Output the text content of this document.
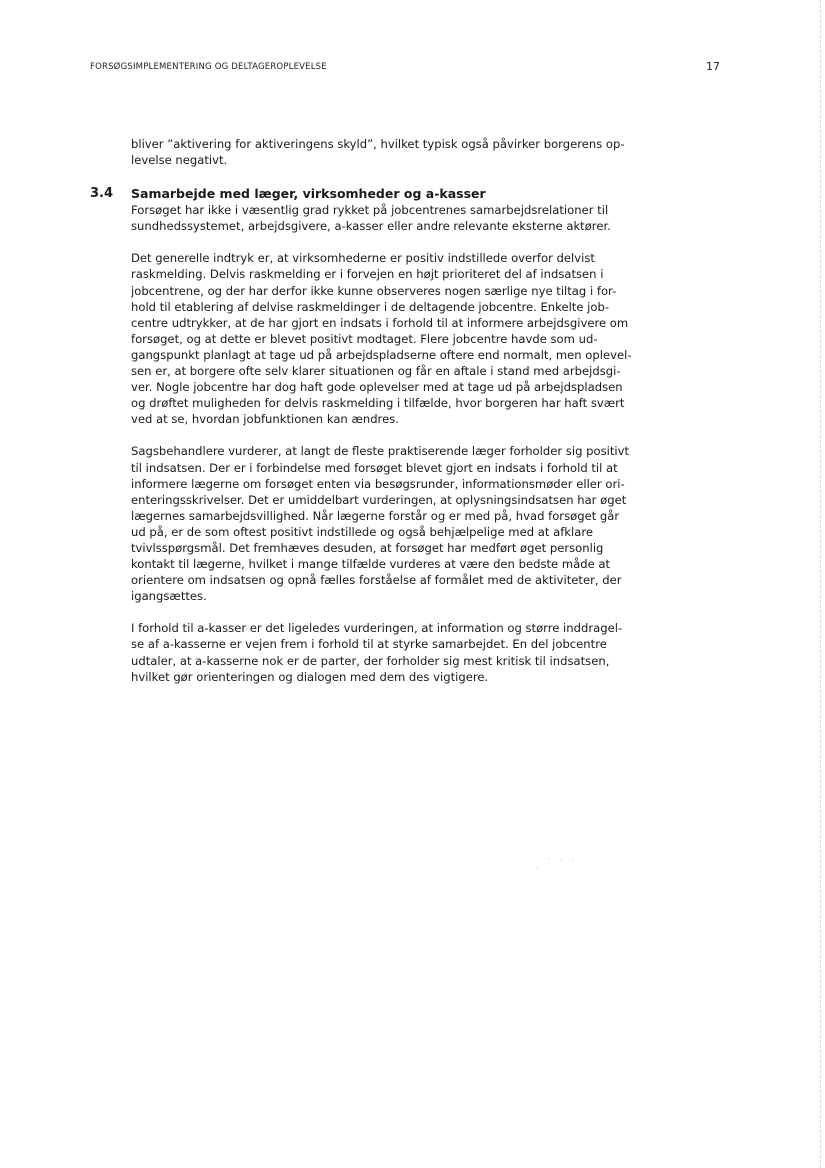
FORSØGSIMPLEMENTERING OG DELTAGEROPLEVELSE	17

bliver ”aktivering for aktiveringens skyld”, hvilket typisk også påvirker borgerens op-
levelse negativt.

3.4 Samarbejde med læger, virksomheder og a-kasser

Forsøget har ikke i væsentlig grad rykket på jobcentrenes samarbejdsrelationer til
sundhedssystemet, arbejdsgivere, a-kasser eller andre relevante eksterne aktører.

Det generelle indtryk er, at virksomhederne er positiv indstillede overfor delvist
raskmelding. Delvis raskmelding er i forvejen en højt prioriteret del af indsatsen i
jobcentrene, og der har derfor ikke kunne observeres nogen særlige nye tiltag i for-
hold til etablering af delvise raskmeldinger i de deltagende jobcentre. Enkelte job-
centre udtrykker, at de har gjort en indsats i forhold til at informere arbejdsgivere om
forsøget, og at dette er blevet positivt modtaget. Flere jobcentre havde som ud-
gangspunkt planlagt at tage ud på arbejdspladserne oftere end normalt, men oplevel-
sen er, at borgere ofte selv klarer situationen og får en aftale i stand med arbejdsgi-
ver. Nogle jobcentre har dog haft gode oplevelser med at tage ud på arbejdspladsen
og drøftet muligheden for delvis raskmelding i tilfælde, hvor borgeren har haft svært
ved at se, hvordan jobfunktionen kan ændres.

Sagsbehandlere vurderer, at langt de fleste praktiserende læger forholder sig positivt
til indsatsen. Der er i forbindelse med forsøget blevet gjort en indsats i forhold til at
informere lægerne om forsøget enten via besøgsrunder, informationsmøder eller ori-
enteringsskrivelser. Det er umiddelbart vurderingen, at oplysningsindsatsen har øget
lægernes samarbejdsvillighed. Når lægerne forstår og er med på, hvad forsøget går
ud på, er de som oftest positivt indstillede og også behjælpelige med at afklare
tvivlsspørgsmål. Det fremhæves desuden, at forsøget har medført øget personlig
kontakt til lægerne, hvilket i mange tilfælde vurderes at være den bedste måde at
orientere om indsatsen og opnå fælles forståelse af formålet med de aktiviteter, der
igangsættes.

I forhold til a-kasser er det ligeledes vurderingen, at information og større inddragel-
se af a-kasserne er vejen frem i forhold til at styrke samarbejdet. En del jobcentre
udtaler, at a-kasserne nok er de parter, der forholder sig mest kritisk til indsatsen,
hvilket gør orienteringen og dialogen med dem des vigtigere.

.
· · ·
